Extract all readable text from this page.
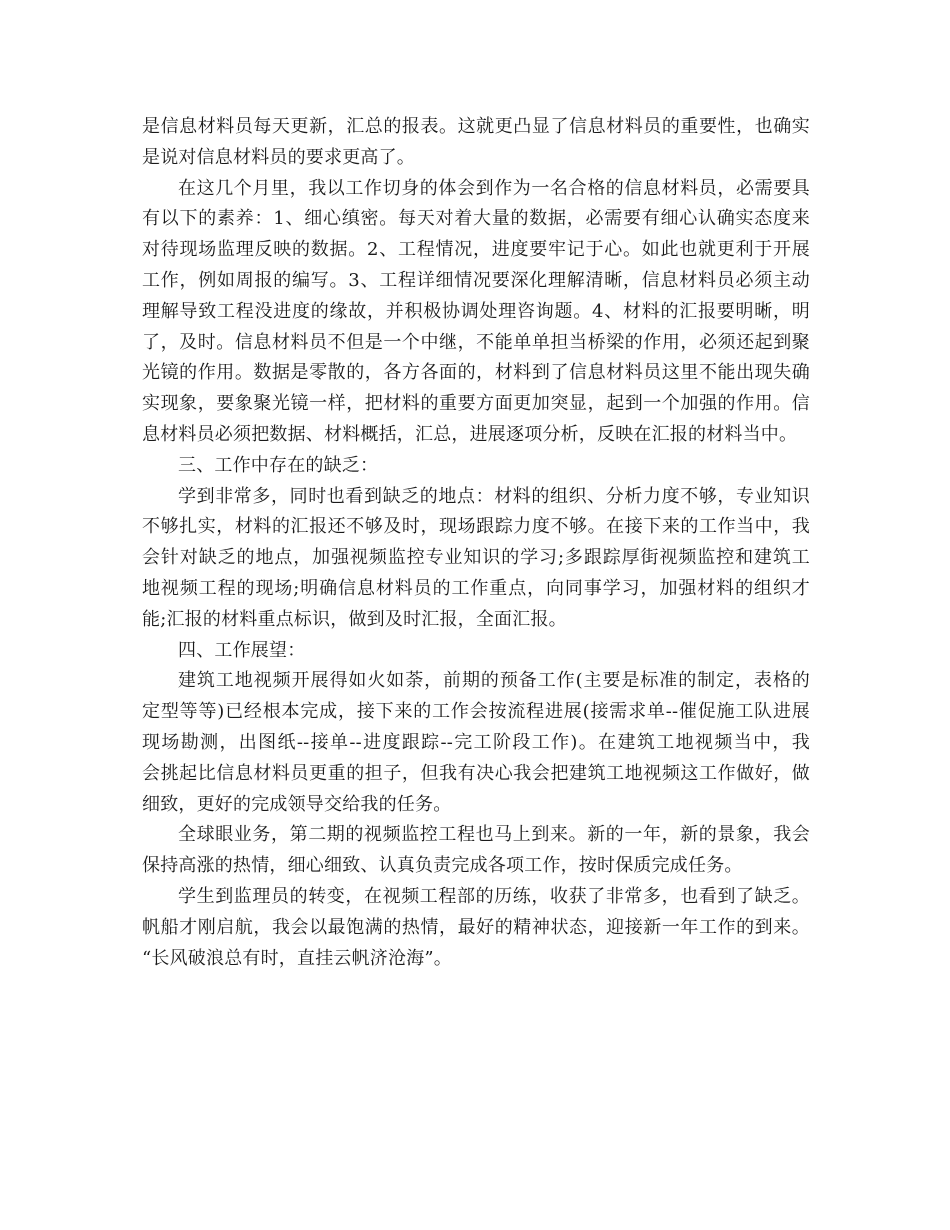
是信息材料员每天更新，汇总的报表。这就更凸显了信息材料员的重要性，也确实

是说对信息材料员的要求更高了。

在这几个月里，我以工作切身的体会到作为一名合格的信息材料员，必需要具

有以下的素养：1、细心缜密。每天对着大量的数据，必需要有细心认确实态度来

对待现场监理反映的数据。2、工程情况，进度要牢记于心。如此也就更利于开展

工作，例如周报的编写。3、工程详细情况要深化理解清晰，信息材料员必须主动

理解导致工程没进度的缘故，并积极协调处理咨询题。4、材料的汇报要明晰，明

了，及时。信息材料员不但是一个中继，不能单单担当桥梁的作用，必须还起到聚

光镜的作用。数据是零散的，各方各面的，材料到了信息材料员这里不能出现失确

实现象，要象聚光镜一样，把材料的重要方面更加突显，起到一个加强的作用。信

息材料员必须把数据、材料概括，汇总，进展逐项分析，反映在汇报的材料当中。

三、工作中存在的缺乏：

学到非常多，同时也看到缺乏的地点：材料的组织、分析力度不够，专业知识

不够扎实，材料的汇报还不够及时，现场跟踪力度不够。在接下来的工作当中，我

会针对缺乏的地点，加强视频监控专业知识的学习;多跟踪厚街视频监控和建筑工

地视频工程的现场;明确信息材料员的工作重点，向同事学习，加强材料的组织才

能;汇报的材料重点标识，做到及时汇报，全面汇报。

四、工作展望：

建筑工地视频开展得如火如荼，前期的预备工作(主要是标准的制定，表格的

定型等等)已经根本完成，接下来的工作会按流程进展(接需求单--催促施工队进展

现场勘测，出图纸--接单--进度跟踪--完工阶段工作)。在建筑工地视频当中，我

会挑起比信息材料员更重的担子，但我有决心我会把建筑工地视频这工作做好，做

细致，更好的完成领导交给我的任务。

全球眼业务，第二期的视频监控工程也马上到来。新的一年，新的景象，我会

保持高涨的热情，细心细致、认真负责完成各项工作，按时保质完成任务。

学生到监理员的转变，在视频工程部的历练，收获了非常多，也看到了缺乏。

帆船才刚启航，我会以最饱满的热情，最好的精神状态，迎接新一年工作的到来。

“长风破浪总有时，直挂云帆济沧海”。
